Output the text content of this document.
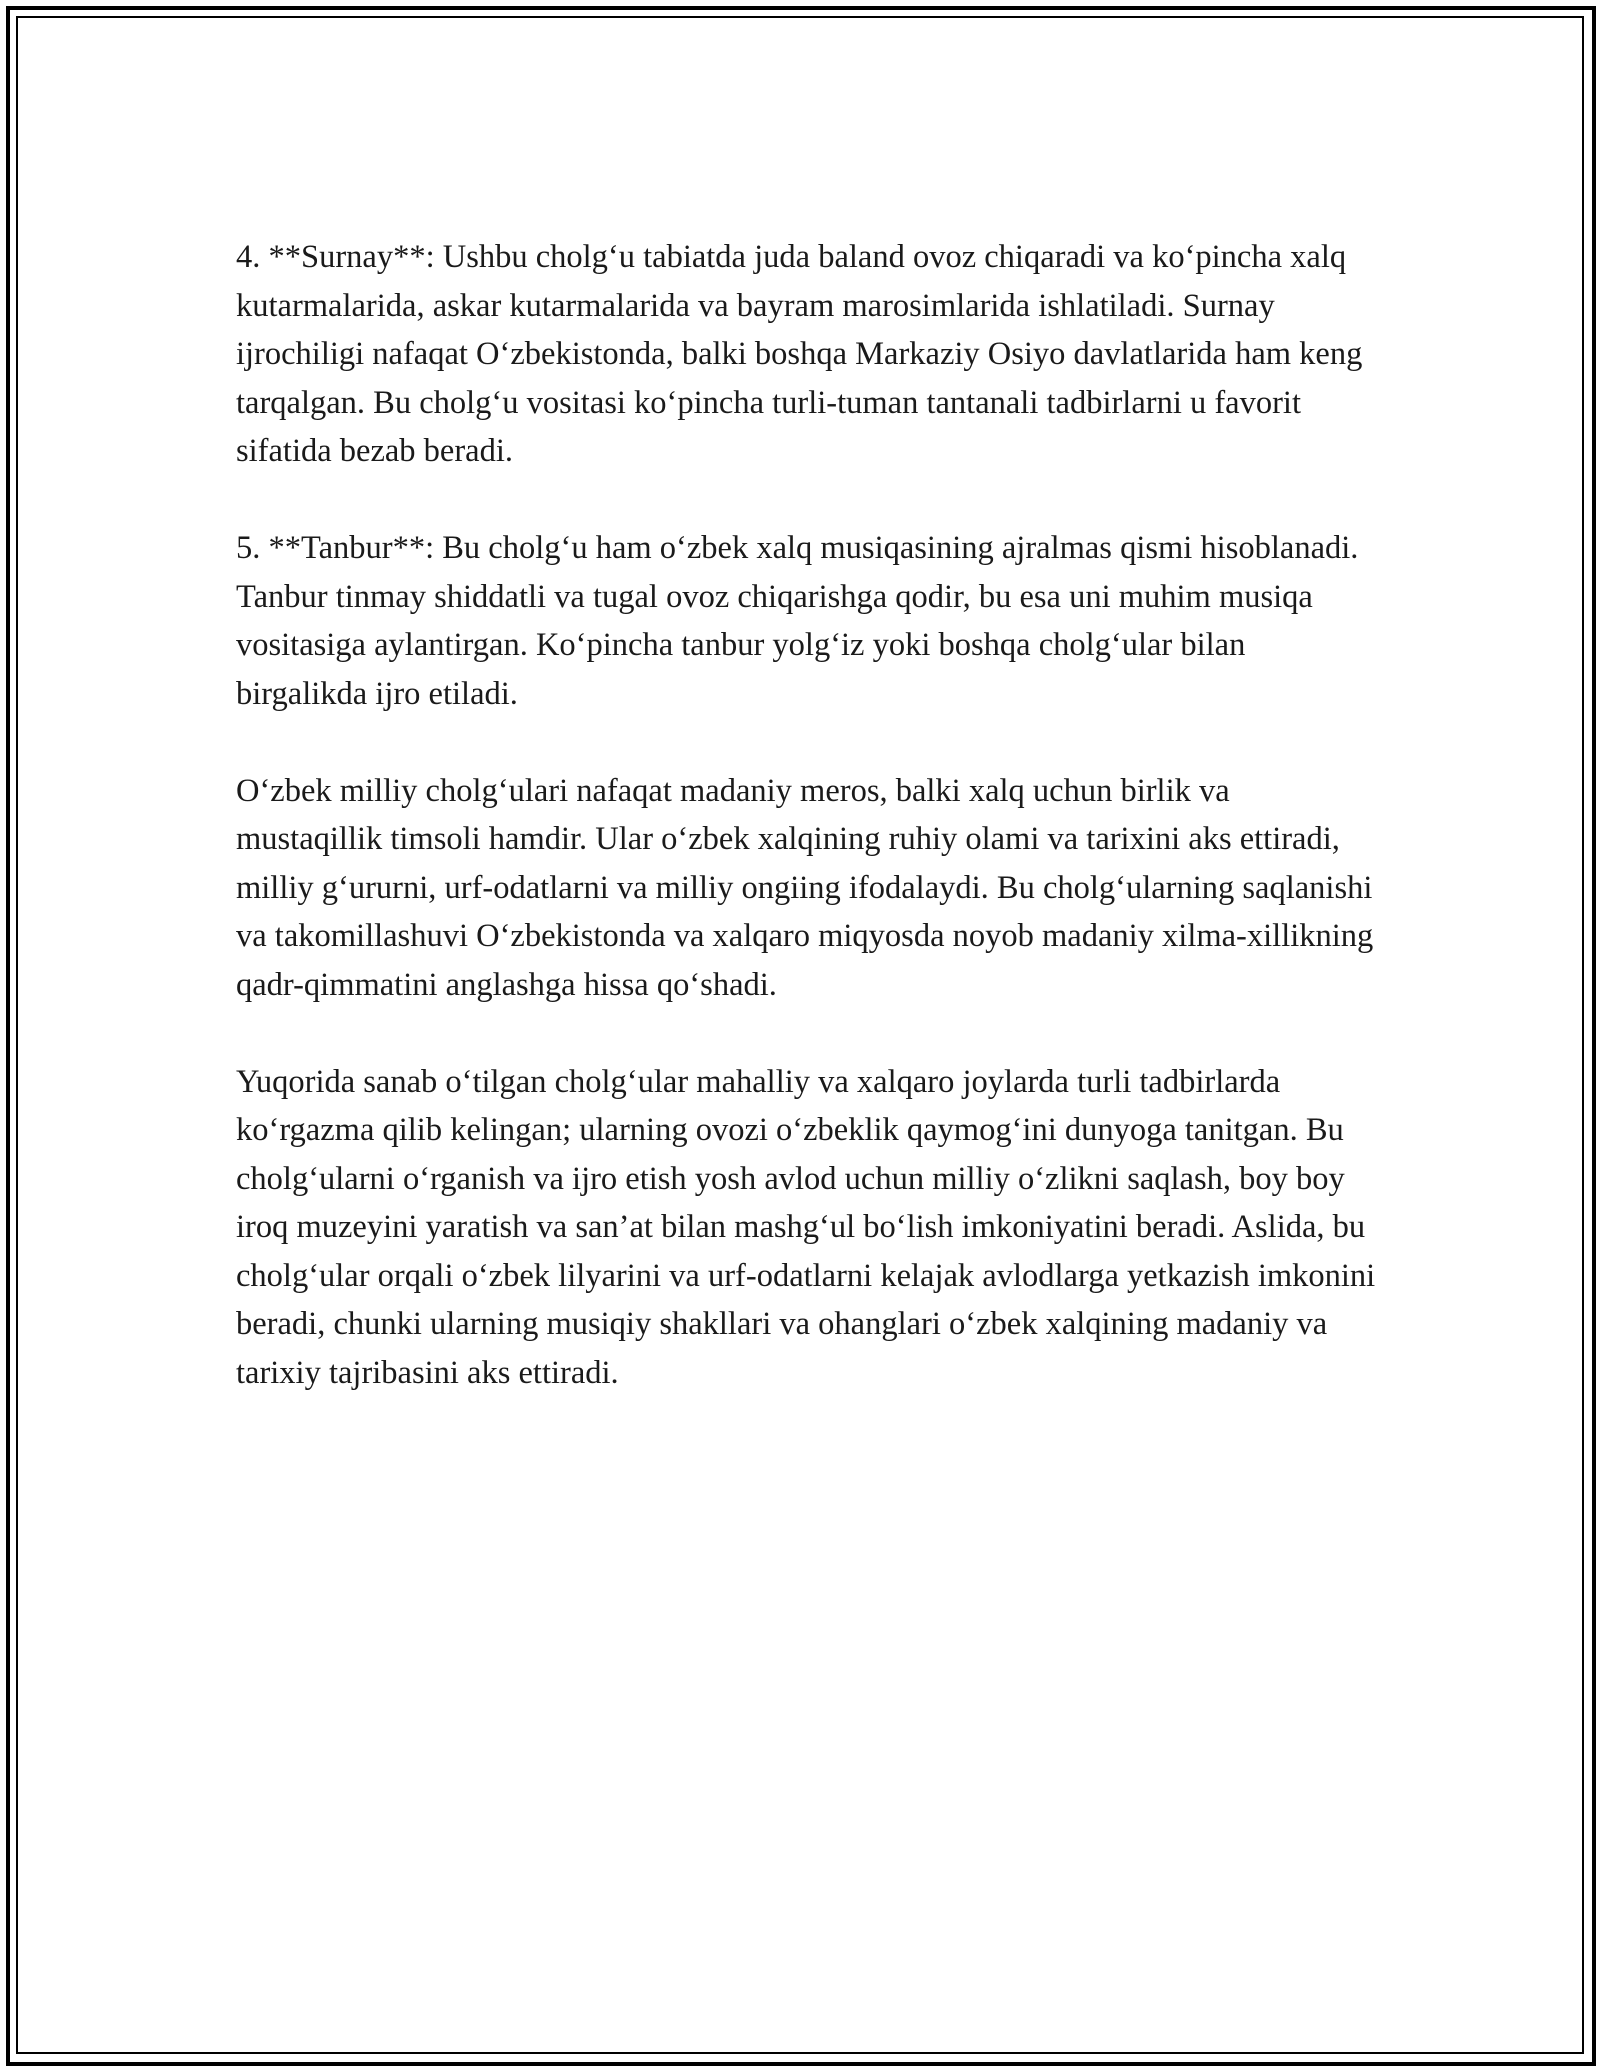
4. **Surnay**: Ushbu cholg‘u tabiatda juda baland ovoz chiqaradi va ko‘pincha xalq kutarmalarida, askar kutarmalarida va bayram marosimlarida ishlatiladi. Surnay ijrochiligi nafaqat O‘zbekistonda, balki boshqa Markaziy Osiyo davlatlarida ham keng tarqalgan. Bu cholg‘u vositasi ko‘pincha turli-tuman tantanali tadbirlarni u favorit sifatida bezab beradi.

5. **Tanbur**: Bu cholg‘u ham o‘zbek xalq musiqasining ajralmas qismi hisoblanadi. Tanbur tinmay shiddatli va tugal ovoz chiqarishga qodir, bu esa uni muhim musiqa vositasiga aylantirgan. Ko‘pincha tanbur yolg‘iz yoki boshqa cholg‘ular bilan birgalikda ijro etiladi.

O‘zbek milliy cholg‘ulari nafaqat madaniy meros, balki xalq uchun birlik va mustaqillik timsoli hamdir. Ular o‘zbek xalqining ruhiy olami va tarixini aks ettiradi, milliy g‘ururni, urf-odatlarni va milliy ongiing ifodalaydi. Bu cholg‘ularning saqlanishi va takomillashuvi O‘zbekistonda va xalqaro miqyosda noyob madaniy xilma-xillikning qadr-qimmatini anglashga hissa qo‘shadi.

Yuqorida sanab o‘tilgan cholg‘ular mahalliy va xalqaro joylarda turli tadbirlarda ko‘rgazma qilib kelingan; ularning ovozi o‘zbeklik qaymog‘ini dunyoga tanitgan. Bu cholg‘ularni o‘rganish va ijro etish yosh avlod uchun milliy o‘zlikni saqlash, boy boy iroq muzeyini yaratish va san’at bilan mashg‘ul bo‘lish imkoniyatini beradi. Aslida, bu cholg‘ular orqali o‘zbek lilyarini va urf-odatlarni kelajak avlodlarga yetkazish imkonini beradi, chunki ularning musiqiy shakllari va ohanglari o‘zbek xalqining madaniy va tarixiy tajribasini aks ettiradi.
